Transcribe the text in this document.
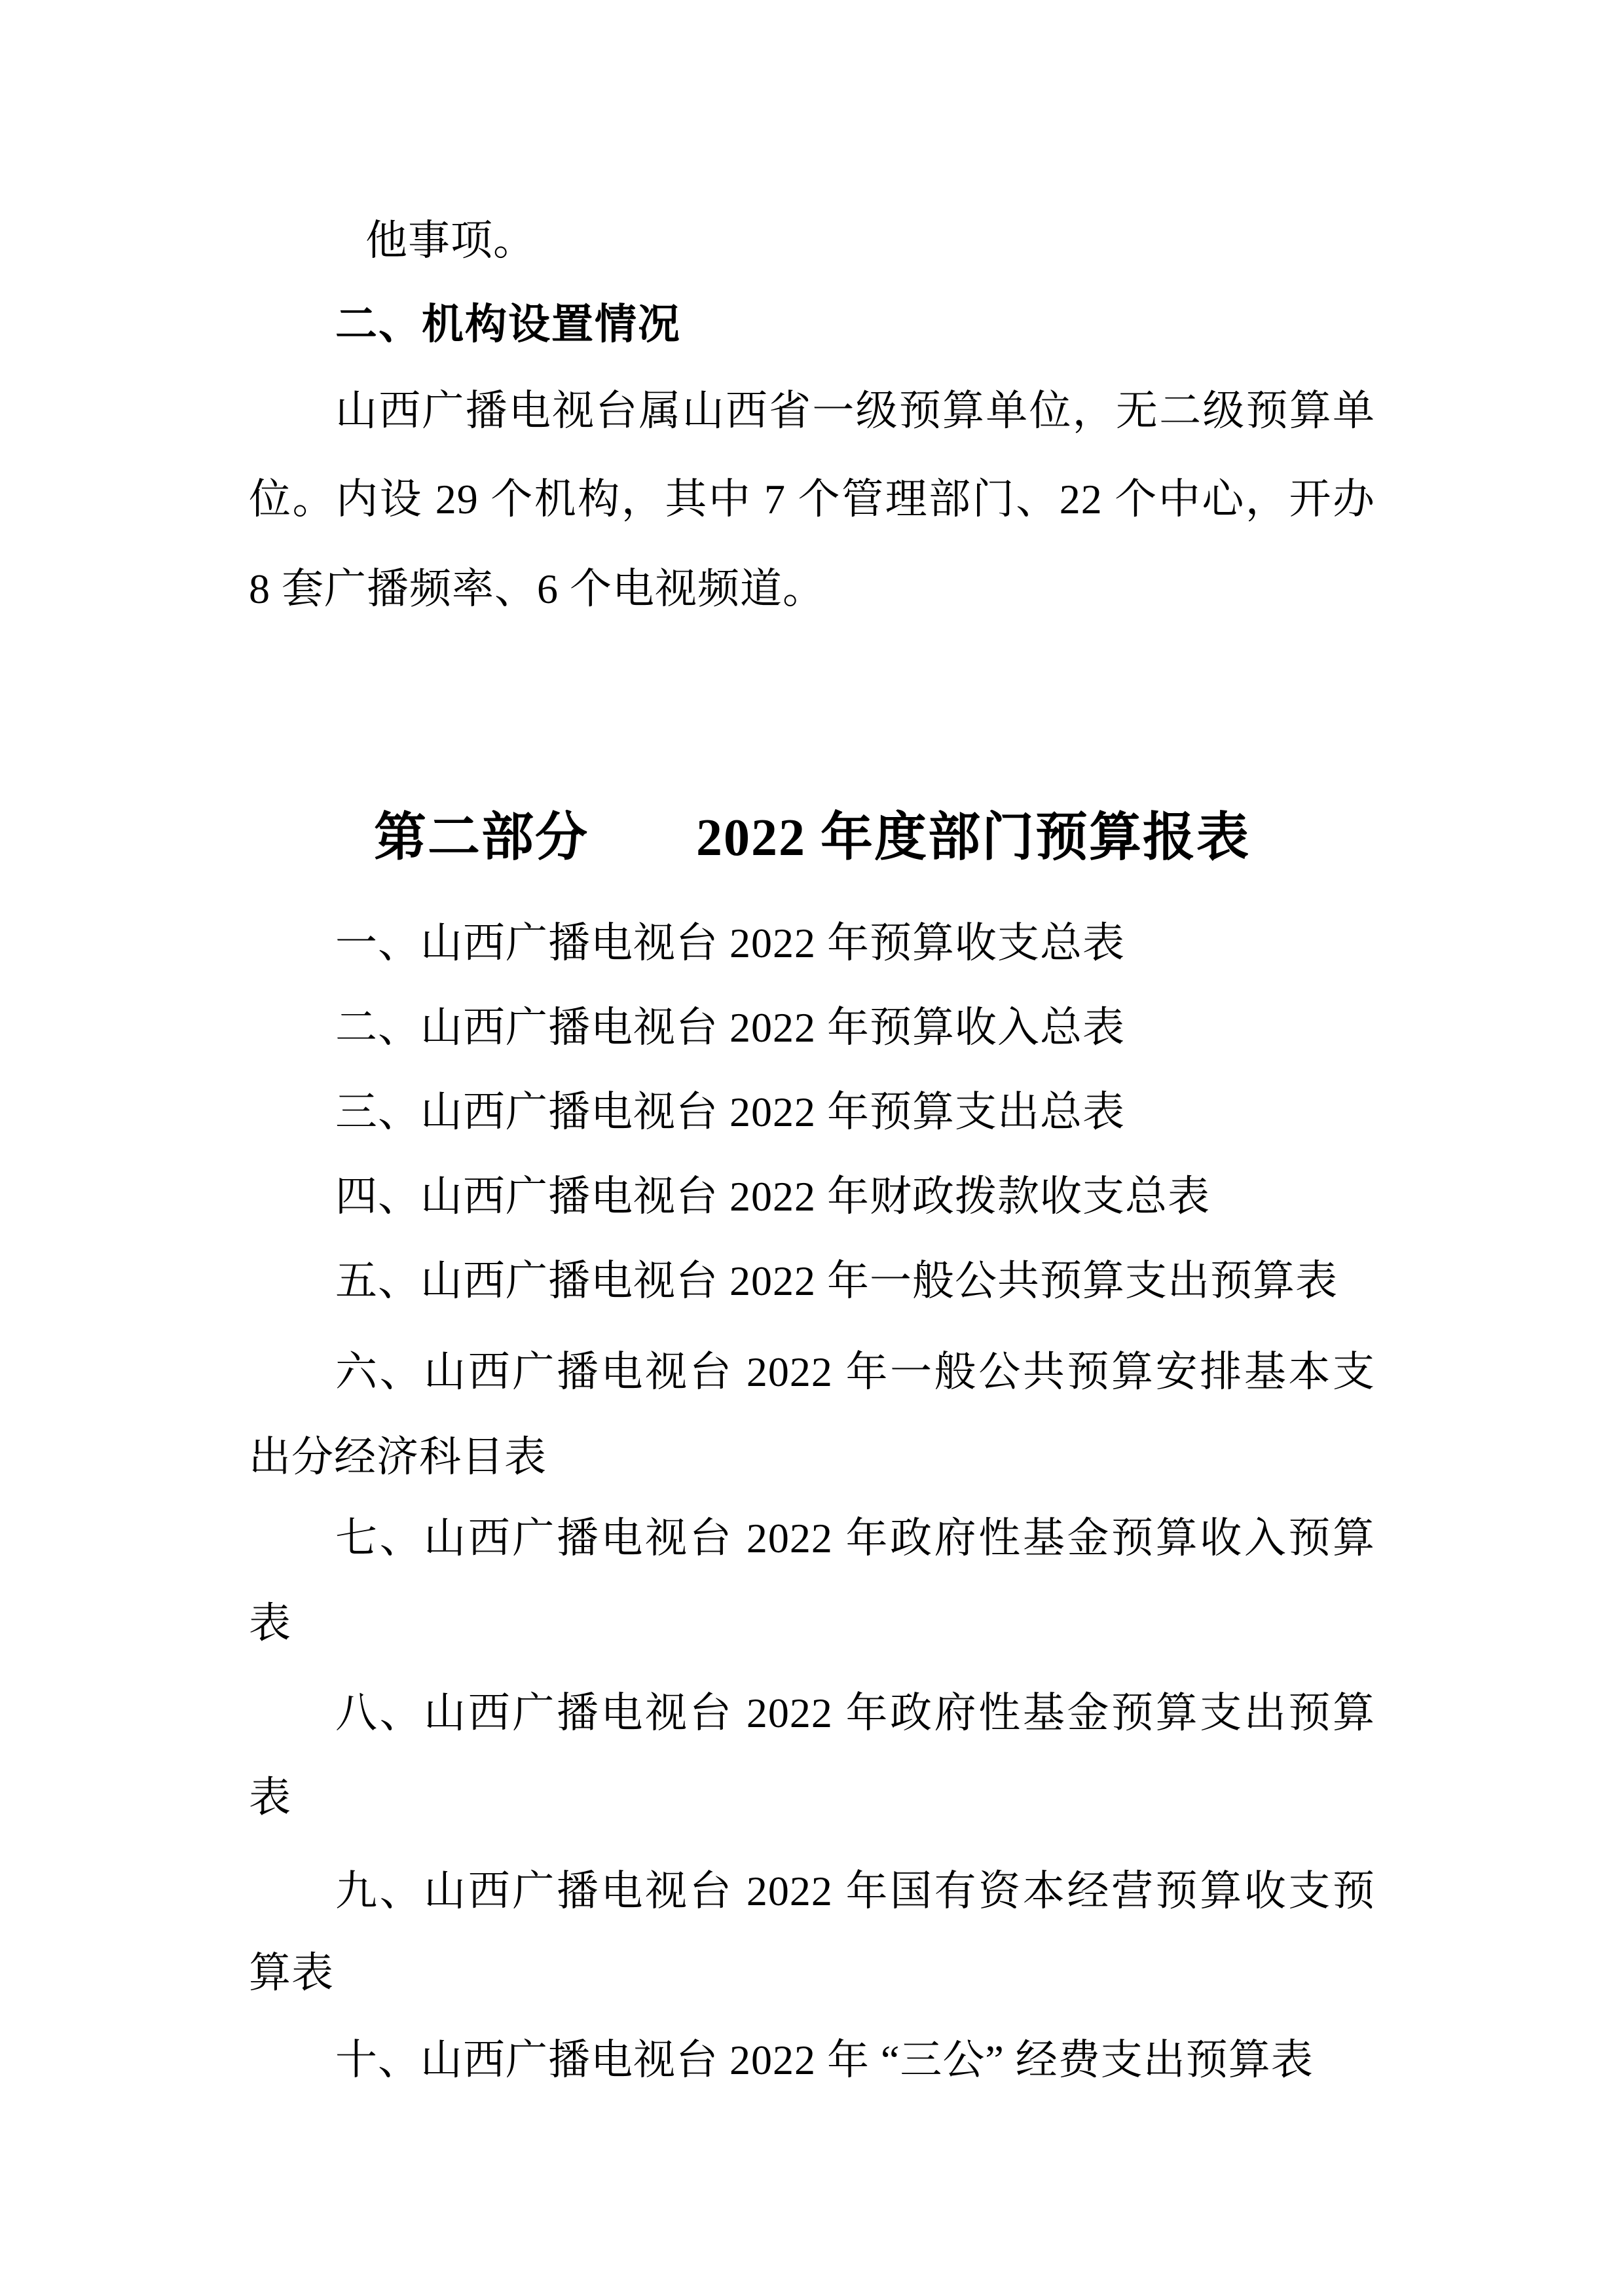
他事项。
二、机构设置情况
山西广播电视台属山西省一级预算单位，无二级预算单
位。内设 29 个机构，其中 7 个管理部门、22 个中心，开办
8 套广播频率、6 个电视频道。
第二部分　　2022 年度部门预算报表
一、山西广播电视台 2022 年预算收支总表
二、山西广播电视台 2022 年预算收入总表
三、山西广播电视台 2022 年预算支出总表
四、山西广播电视台 2022 年财政拨款收支总表
五、山西广播电视台 2022 年一般公共预算支出预算表
六、山西广播电视台 2022 年一般公共预算安排基本支
出分经济科目表
七、山西广播电视台 2022 年政府性基金预算收入预算
表
八、山西广播电视台 2022 年政府性基金预算支出预算
表
九、山西广播电视台 2022 年国有资本经营预算收支预
算表
十、山西广播电视台 2022 年 “三公” 经费支出预算表
